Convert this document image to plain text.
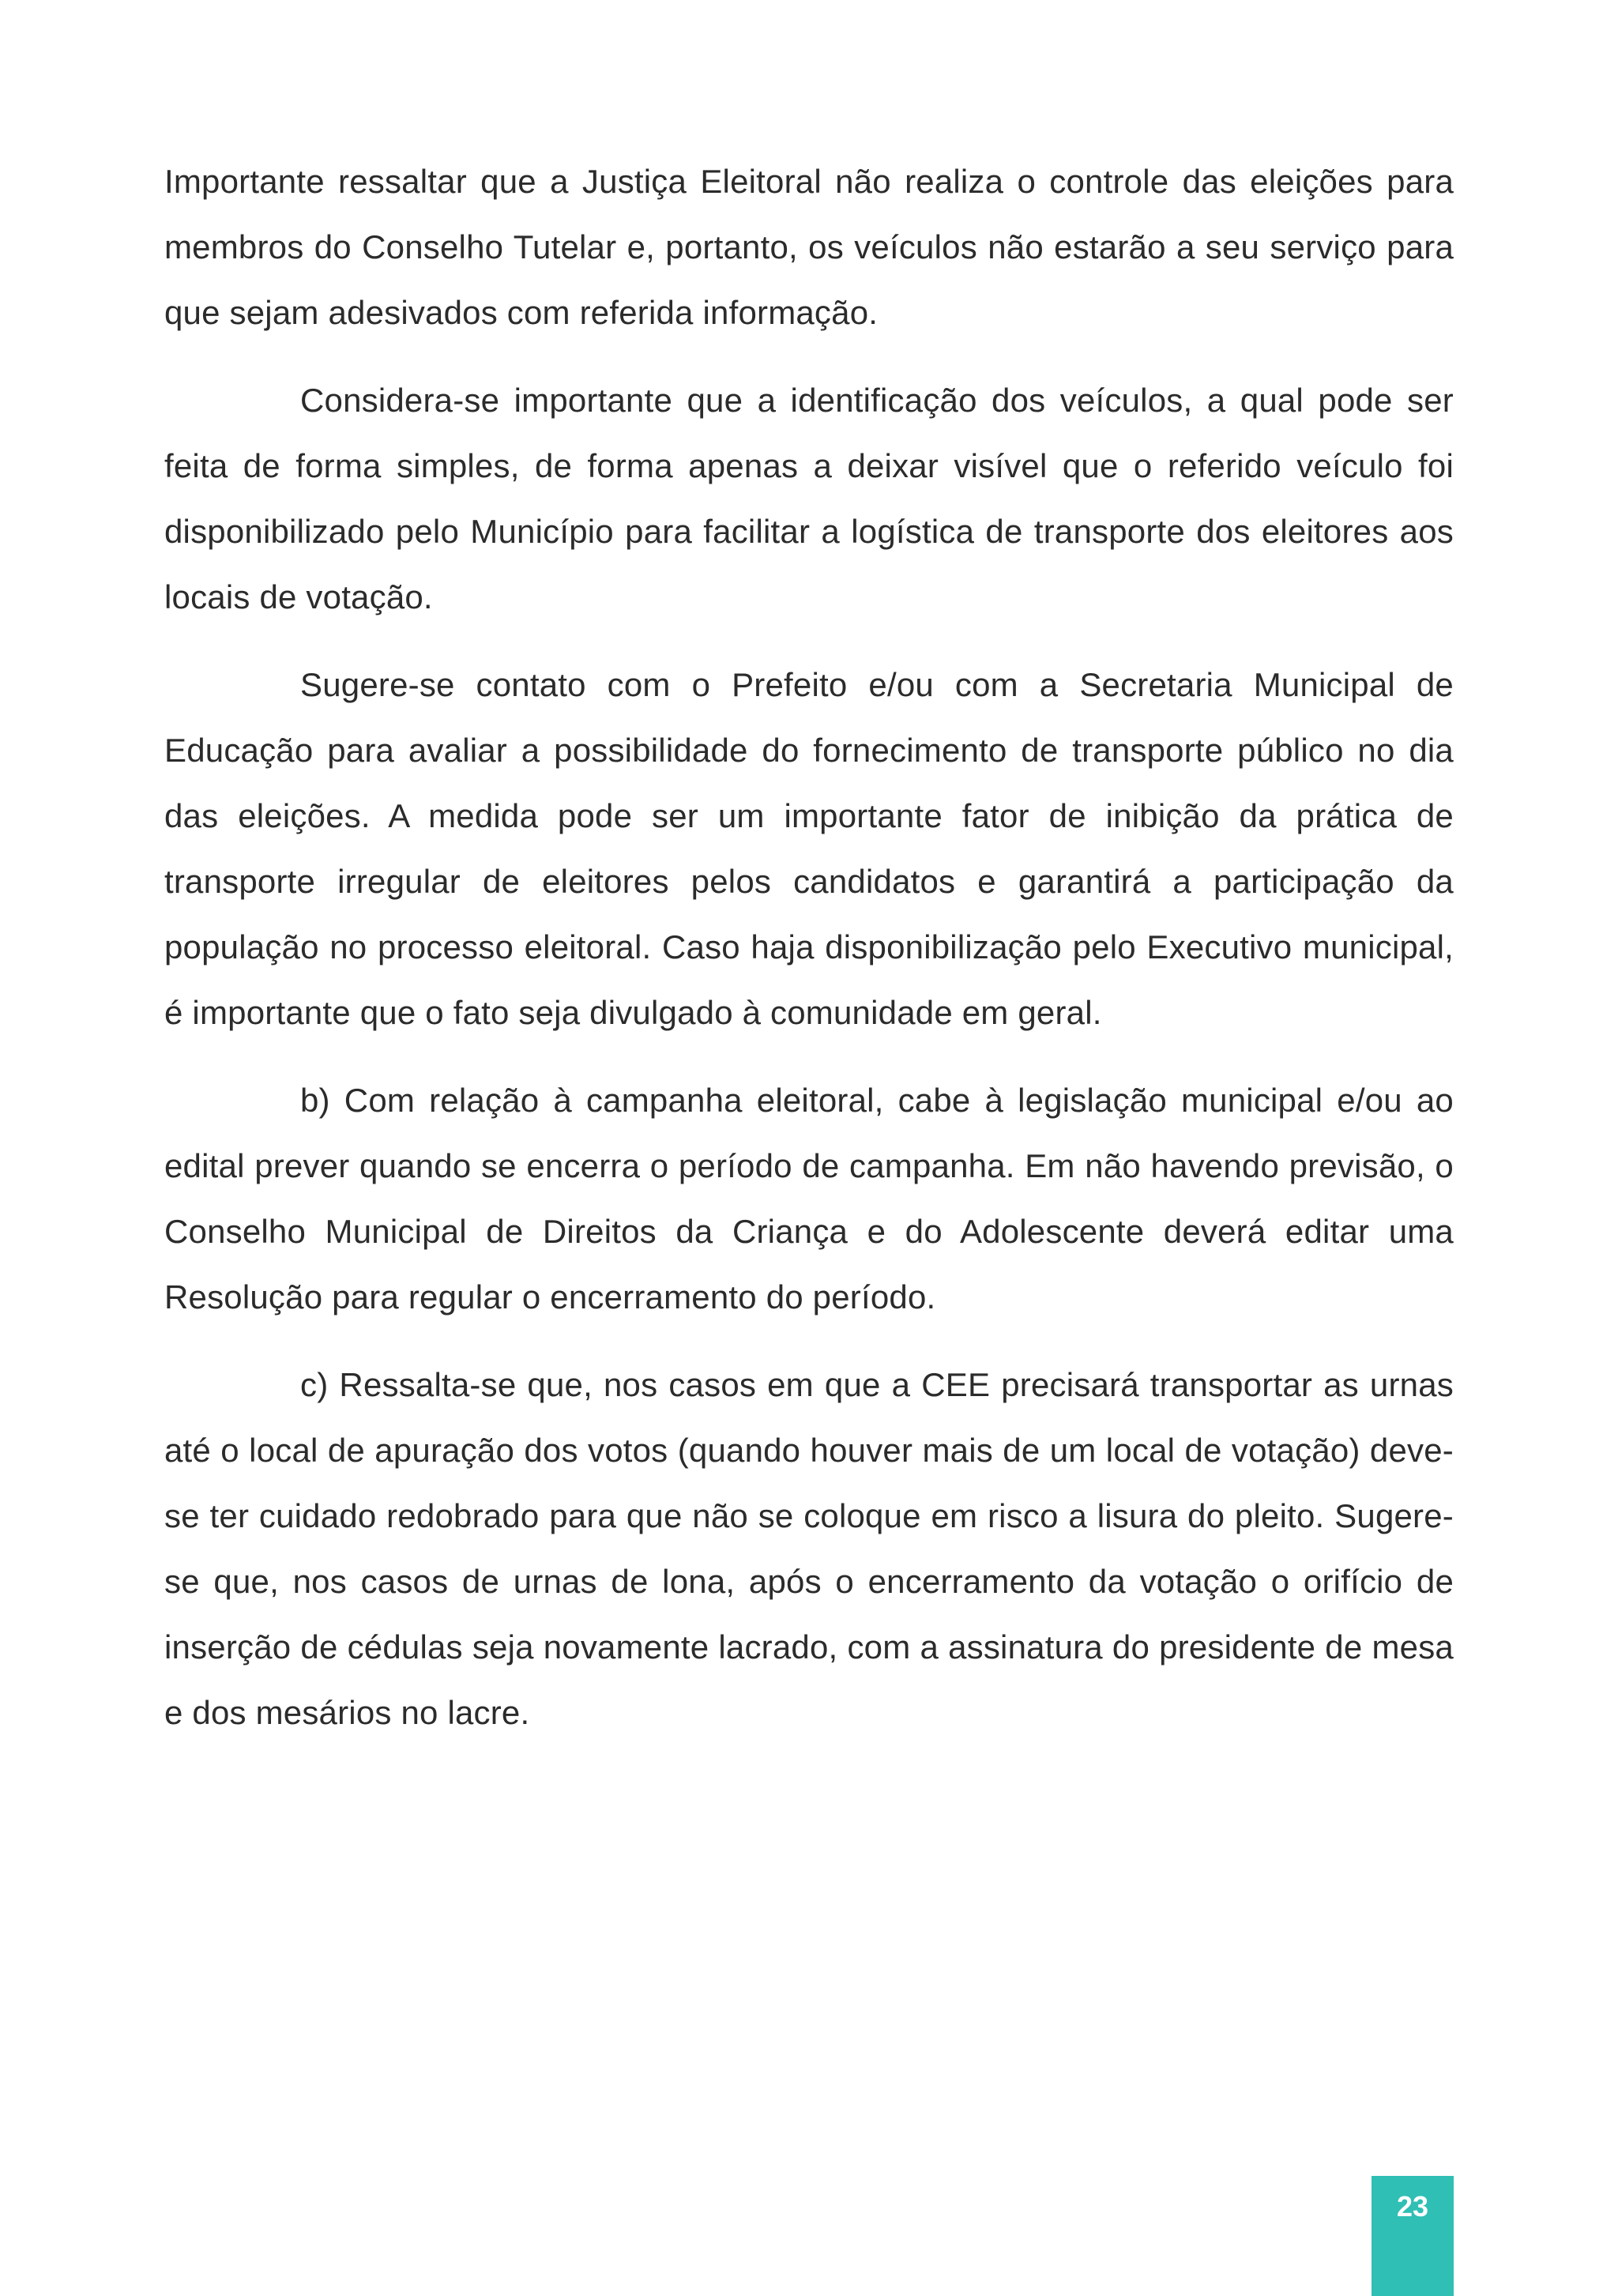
Importante ressaltar que a Justiça Eleitoral não realiza o controle das eleições para membros do Conselho Tutelar e, portanto, os veículos não estarão a seu serviço para que sejam adesivados com referida informação.

Considera-se importante que a identificação dos veículos, a qual pode ser feita de forma simples, de forma apenas a deixar visível que o referido veículo foi disponibilizado pelo Município para facilitar a logística de transporte dos eleitores aos locais de votação.

Sugere-se contato com o Prefeito e/ou com a Secretaria Municipal de Educação para avaliar a possibilidade do fornecimento de transporte público no dia das eleições. A medida pode ser um importante fator de inibição da prática de transporte irregular de eleitores pelos candidatos e garantirá a participação da população no processo eleitoral. Caso haja disponibilização pelo Executivo municipal, é importante que o fato seja divulgado à comunidade em geral.

b) Com relação à campanha eleitoral, cabe à legislação municipal e/ou ao edital prever quando se encerra o período de campanha. Em não havendo previsão, o Conselho Municipal de Direitos da Criança e do Adolescente deverá editar uma Resolução para regular o encerramento do período.

c) Ressalta-se que, nos casos em que a CEE precisará transportar as urnas até o local de apuração dos votos (quando houver mais de um local de votação) deve-se ter cuidado redobrado para que não se coloque em risco a lisura do pleito. Sugere-se que, nos casos de urnas de lona, após o encerramento da votação o orifício de inserção de cédulas seja novamente lacrado, com a assinatura do presidente de mesa e dos mesários no lacre.

23
